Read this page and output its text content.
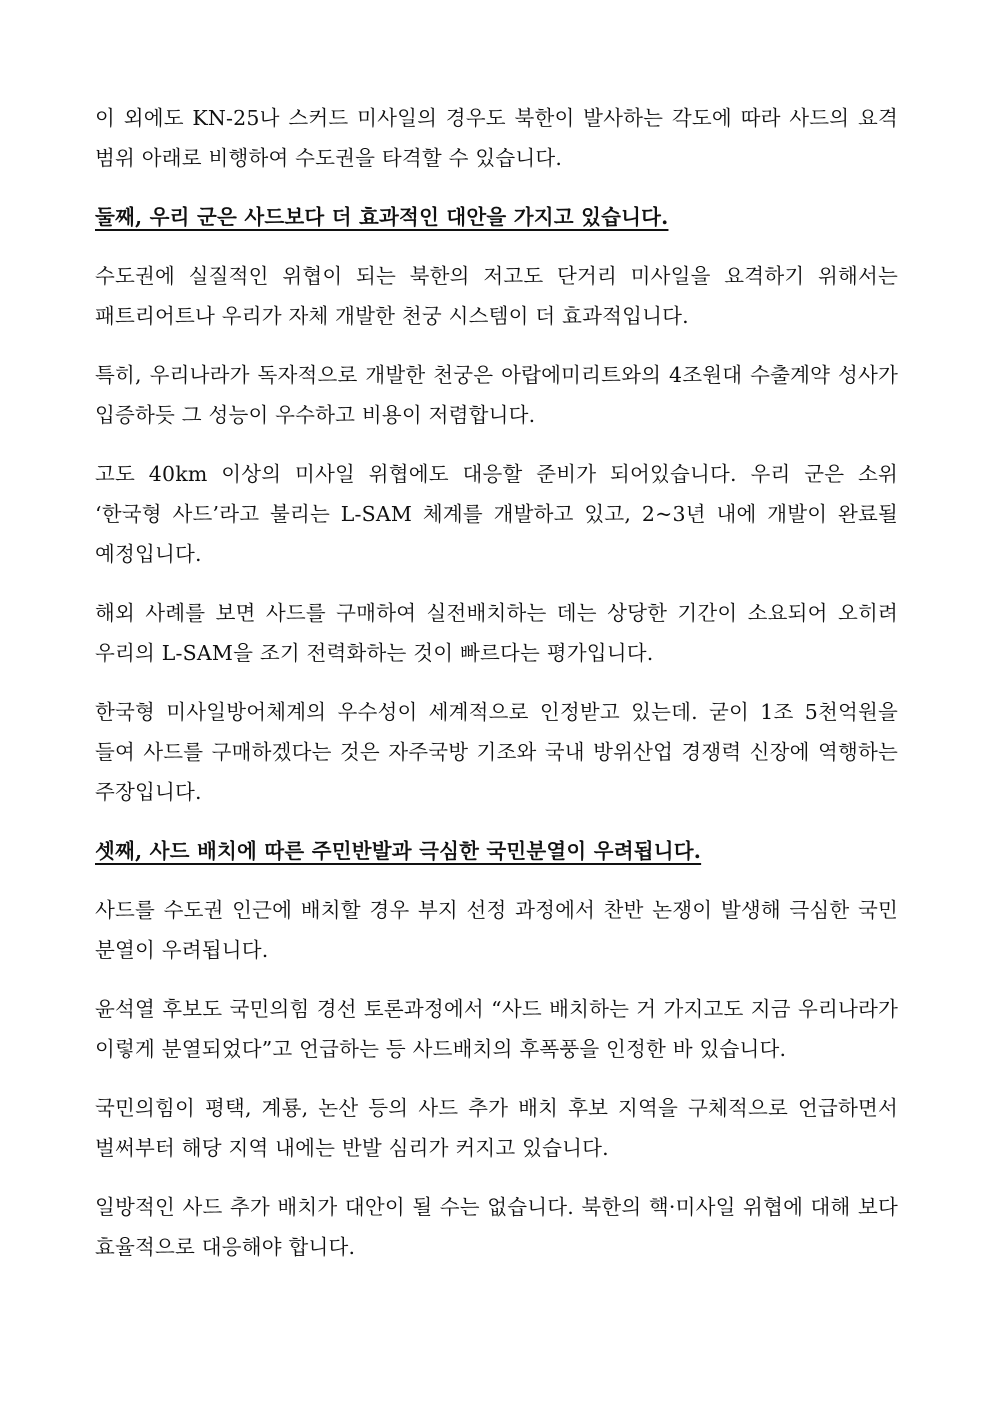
이 외에도 KN-25나 스커드 미사일의 경우도 북한이 발사하는 각도에 따라 사드의 요격 범위 아래로 비행하여 수도권을 타격할 수 있습니다.

둘째, 우리 군은 사드보다 더 효과적인 대안을 가지고 있습니다.

수도권에 실질적인 위협이 되는 북한의 저고도 단거리 미사일을 요격하기 위해서는 패트리어트나 우리가 자체 개발한 천궁 시스템이 더 효과적입니다.

특히, 우리나라가 독자적으로 개발한 천궁은 아랍에미리트와의 4조원대 수출계약 성사가 입증하듯 그 성능이 우수하고 비용이 저렴합니다.

고도 40km 이상의 미사일 위협에도 대응할 준비가 되어있습니다. 우리 군은 소위 ‘한국형 사드’라고 불리는 L-SAM 체계를 개발하고 있고, 2~3년 내에 개발이 완료될 예정입니다.

해외 사례를 보면 사드를 구매하여 실전배치하는 데는 상당한 기간이 소요되어 오히려 우리의 L-SAM을 조기 전력화하는 것이 빠르다는 평가입니다.

한국형 미사일방어체계의 우수성이 세계적으로 인정받고 있는데. 굳이 1조 5천억원을 들여 사드를 구매하겠다는 것은 자주국방 기조와 국내 방위산업 경쟁력 신장에 역행하는 주장입니다.

셋째, 사드 배치에 따른 주민반발과 극심한 국민분열이 우려됩니다.

사드를 수도권 인근에 배치할 경우 부지 선정 과정에서 찬반 논쟁이 발생해 극심한 국민 분열이 우려됩니다.

윤석열 후보도 국민의힘 경선 토론과정에서 “사드 배치하는 거 가지고도 지금 우리나라가 이렇게 분열되었다”고 언급하는 등 사드배치의 후폭풍을 인정한 바 있습니다.

국민의힘이 평택, 계룡, 논산 등의 사드 추가 배치 후보 지역을 구체적으로 언급하면서 벌써부터 해당 지역 내에는 반발 심리가 커지고 있습니다.

일방적인 사드 추가 배치가 대안이 될 수는 없습니다. 북한의 핵·미사일 위협에 대해 보다 효율적으로 대응해야 합니다.
